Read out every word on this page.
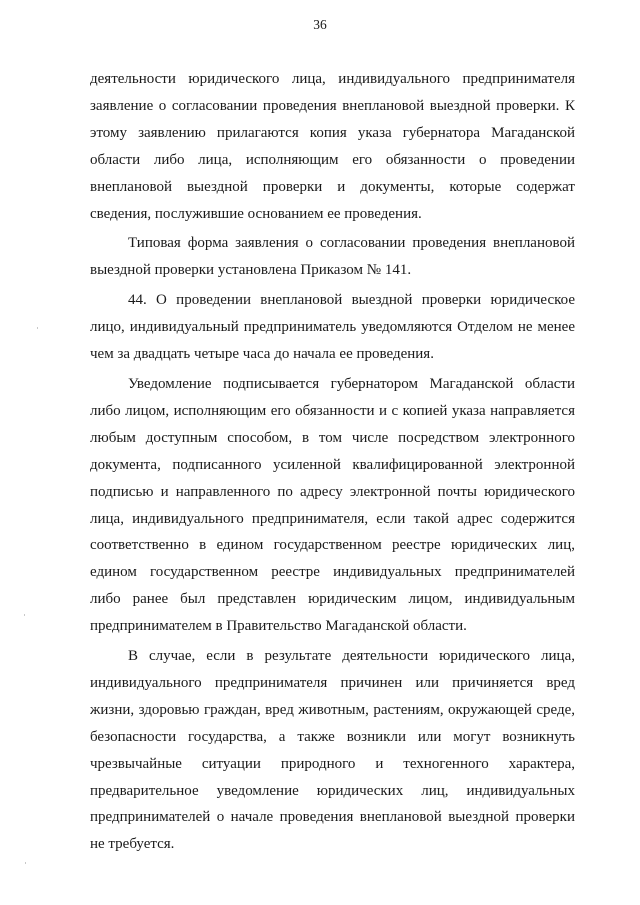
36
деятельности юридического лица, индивидуального предпринимателя
заявление о согласовании проведения внеплановой выездной проверки. К
этому заявлению прилагаются копия указа губернатора Магаданской
области либо лица, исполняющим его обязанности о проведении
внеплановой выездной проверки и документы, которые содержат
сведения, послужившие основанием ее проведения.
Типовая форма заявления о согласовании проведения внеплановой
выездной проверки установлена Приказом № 141.
44. О проведении внеплановой выездной проверки юридическое
лицо, индивидуальный предприниматель уведомляются Отделом не менее
чем за двадцать четыре часа до начала ее проведения.
Уведомление подписывается губернатором Магаданской области
либо лицом, исполняющим его обязанности и с копией указа направляется
любым доступным способом, в том числе посредством электронного
документа, подписанного усиленной квалифицированной электронной
подписью и направленного по адресу электронной почты юридического
лица, индивидуального предпринимателя, если такой адрес содержится
соответственно в едином государственном реестре юридических лиц,
едином государственном реестре индивидуальных предпринимателей
либо ранее был представлен юридическим лицом, индивидуальным
предпринимателем в Правительство Магаданской области.
В случае, если в результате деятельности юридического лица,
индивидуального предпринимателя причинен или причиняется вред
жизни, здоровью граждан, вред животным, растениям, окружающей среде,
безопасности государства, а также возникли или могут возникнуть
чрезвычайные ситуации природного и техногенного характера,
предварительное уведомление юридических лиц, индивидуальных
предпринимателей о начале проведения внеплановой выездной проверки
не требуется.
